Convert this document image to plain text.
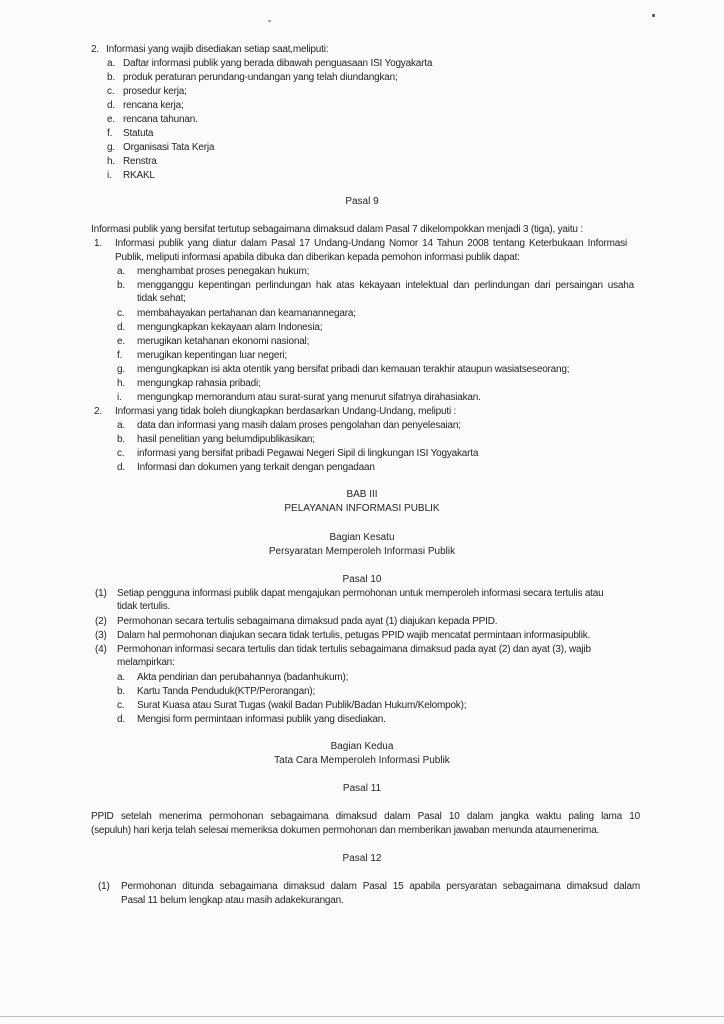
2. Informasi yang wajib disediakan setiap saat,meliputi:
a. Daftar informasi publik yang berada dibawah penguasaan ISI Yogyakarta
b. produk peraturan perundang-undangan yang telah diundangkan;
c. prosedur kerja;
d. rencana kerja;
e. rencana tahunan.
f. Statuta
g. Organisasi Tata Kerja
h. Renstra
i. RKAKL
Pasal 9
Informasi publik yang bersifat tertutup sebagaimana dimaksud dalam Pasal 7 dikelompokkan menjadi 3 (tiga), yaitu :
1. Informasi publik yang diatur dalam Pasal 17 Undang-Undang Nomor 14 Tahun 2008 tentang Keterbukaan Informasi
Publik, meliputi informasi apabila dibuka dan diberikan kepada pemohon informasi publik dapat:
a. menghambat proses penegakan hukum;
b. mengganggu kepentingan perlindungan hak atas kekayaan intelektual dan perlindungan dari persaingan usaha
tidak sehat;
c. membahayakan pertahanan dan keamanannegara;
d. mengungkapkan kekayaan alam Indonesia;
e. merugikan ketahanan ekonomi nasional;
f. merugikan kepentingan luar negeri;
g. mengungkapkan isi akta otentik yang bersifat pribadi dan kemauan terakhir ataupun wasiatseseorang;
h. mengungkap rahasia pribadi;
i. mengungkap memorandum atau surat-surat yang menurut sifatnya dirahasiakan.
2. Informasi yang tidak boleh diungkapkan berdasarkan Undang-Undang, meliputi :
a. data dan informasi yang masih dalam proses pengolahan dan penyelesaian;
b. hasil penelitian yang belumdipublikasikan;
c. informasi yang bersifat pribadi Pegawai Negeri Sipil di lingkungan ISI Yogyakarta
d. Informasi dan dokumen yang terkait dengan pengadaan
BAB III
PELAYANAN INFORMASI PUBLIK
Bagian Kesatu
Persyaratan Memperoleh Informasi Publik
Pasal 10
(1) Setiap pengguna informasi publik dapat mengajukan permohonan untuk memperoleh informasi secara tertulis atau
tidak tertulis.
(2) Permohonan secara tertulis sebagaimana dimaksud pada ayat (1) diajukan kepada PPID.
(3) Dalam hal permohonan diajukan secara tidak tertulis, petugas PPID wajib mencatat permintaan informasipublik.
(4) Permohonan informasi secara tertulis dan tidak tertulis sebagaimana dimaksud pada ayat (2) dan ayat (3), wajib
melampirkan:
a. Akta pendirian dan perubahannya (badanhukum);
b. Kartu Tanda Penduduk(KTP/Perorangan);
c. Surat Kuasa atau Surat Tugas (wakil Badan Publik/Badan Hukum/Kelompok);
d. Mengisi form permintaan informasi publik yang disediakan.
Bagian Kedua
Tata Cara Memperoleh Informasi Publik
Pasal 11
PPID setelah menerima permohonan sebagaimana dimaksud dalam Pasal 10 dalam jangka waktu paling lama 10
(sepuluh) hari kerja telah selesai memeriksa dokumen permohonan dan memberikan jawaban menunda ataumenerima.
Pasal 12
(1) Permohonan ditunda sebagaimana dimaksud dalam Pasal 15 apabila persyaratan sebagaimana dimaksud dalam
Pasal 11 belum lengkap atau masih adakekurangan.
